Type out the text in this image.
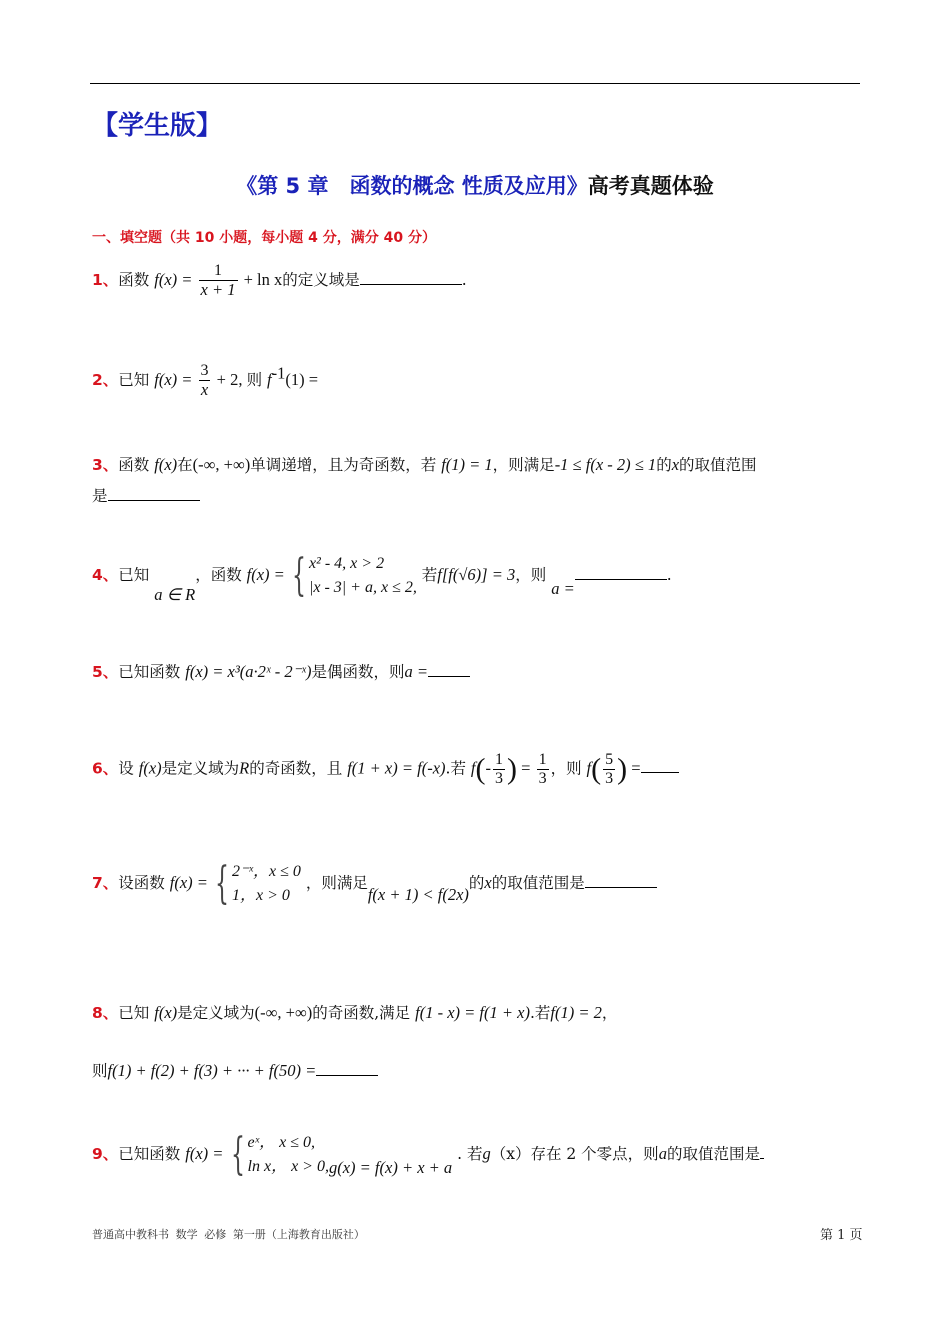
【学生版】
《第 5 章　函数的概念 性质及应用》高考真题体验
一、填空题（共 10 小题，每小题 4 分，满分 40 分）
1、函数 $f(x) = \frac{1}{x + 1} + \ln x$的定义域是	.
2、已知 $f(x) = \frac{3}{x} + 2$, 则 $f^{-1}(1)$ =
3、函数 f(x)在(-∞, +∞)单调递增，且为奇函数，若 f(1) = 1，则满足-1 ≤ f(x - 2) ≤ 1的x的取值范围
是
4、已知 a ∈ R，函数 f(x) = { x² - 4, x > 2
|x - 3| + a, x ≤ 2,
若f[f(√6)] = 3，则 a =.
5、已知函数 f(x) = x³(a·2ˣ - 2⁻ˣ)是偶函数，则a =
6、设 f(x)是定义域为R的奇函数，且 f(1 + x) = f(-x).若 $f(- \frac{1}{3}$ ) = $\frac{1}{3}$ ，则 $f( \frac{5}{3}$ ) =
7、设函数 f(x) = { 2⁻ˣ，x ≤ 0
1，x > 0
，则满足f(x + 1) < f(2x)的x的取值范围是
8、已知 f(x)是定义域为(-∞, +∞)的奇函数,满足 f(1 - x) = f(1 + x).若f(1) = 2，
则f(1) + f(2) + f(3) + ··· + f(50) =
9、已知函数 f(x) = { eˣ， x ≤ 0,
ln x， x > 0, g(x) = f(x) + x + a . 若g（x）存在 2 个零点，则a的取值范围是
普通高中教科书 数学 必修 第一册（上海教育出版社）	第 1 页
